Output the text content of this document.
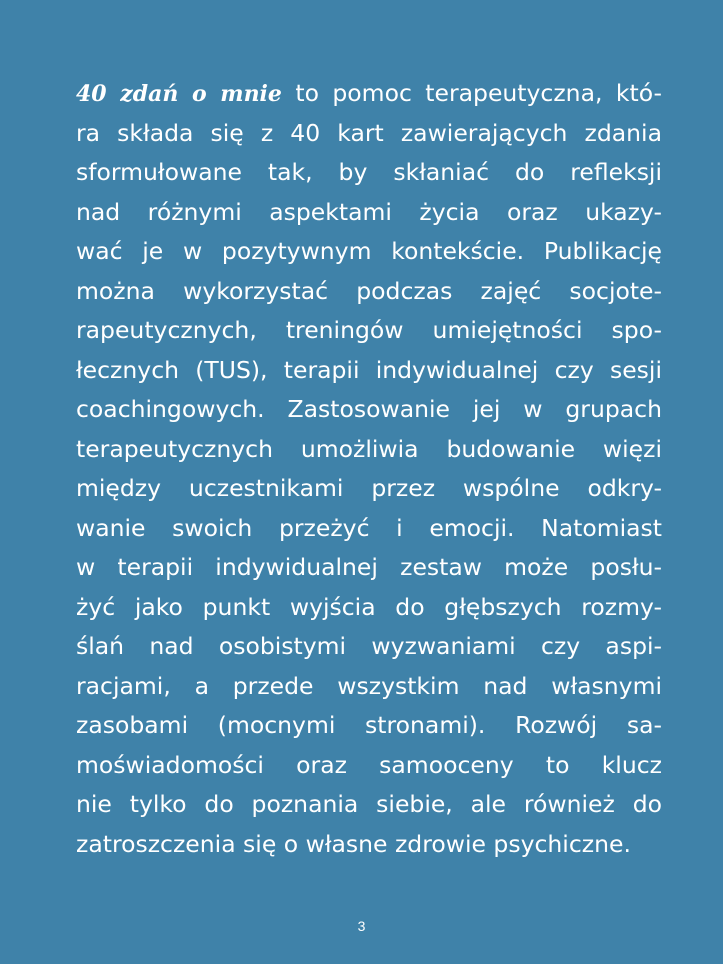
40 zdań o mnie to pomoc terapeutyczna, któ-
ra składa się z 40 kart zawierających zdania
sformułowane tak, by skłaniać do refleksji
nad różnymi aspektami życia oraz ukazy-
wać je w pozytywnym kontekście. Publikację
można wykorzystać podczas zajęć socjote-
rapeutycznych, treningów umiejętności spo-
łecznych (TUS), terapii indywidualnej czy sesji
coachingowych. Zastosowanie jej w grupach
terapeutycznych umożliwia budowanie więzi
między uczestnikami przez wspólne odkry-
wanie swoich przeżyć i emocji. Natomiast
w terapii indywidualnej zestaw może posłu-
żyć jako punkt wyjścia do głębszych rozmy-
ślań nad osobistymi wyzwaniami czy aspi-
racjami, a przede wszystkim nad własnymi
zasobami (mocnymi stronami). Rozwój sa-
moświadomości oraz samooceny to klucz
nie tylko do poznania siebie, ale również do
zatroszczenia się o własne zdrowie psychiczne.
3
